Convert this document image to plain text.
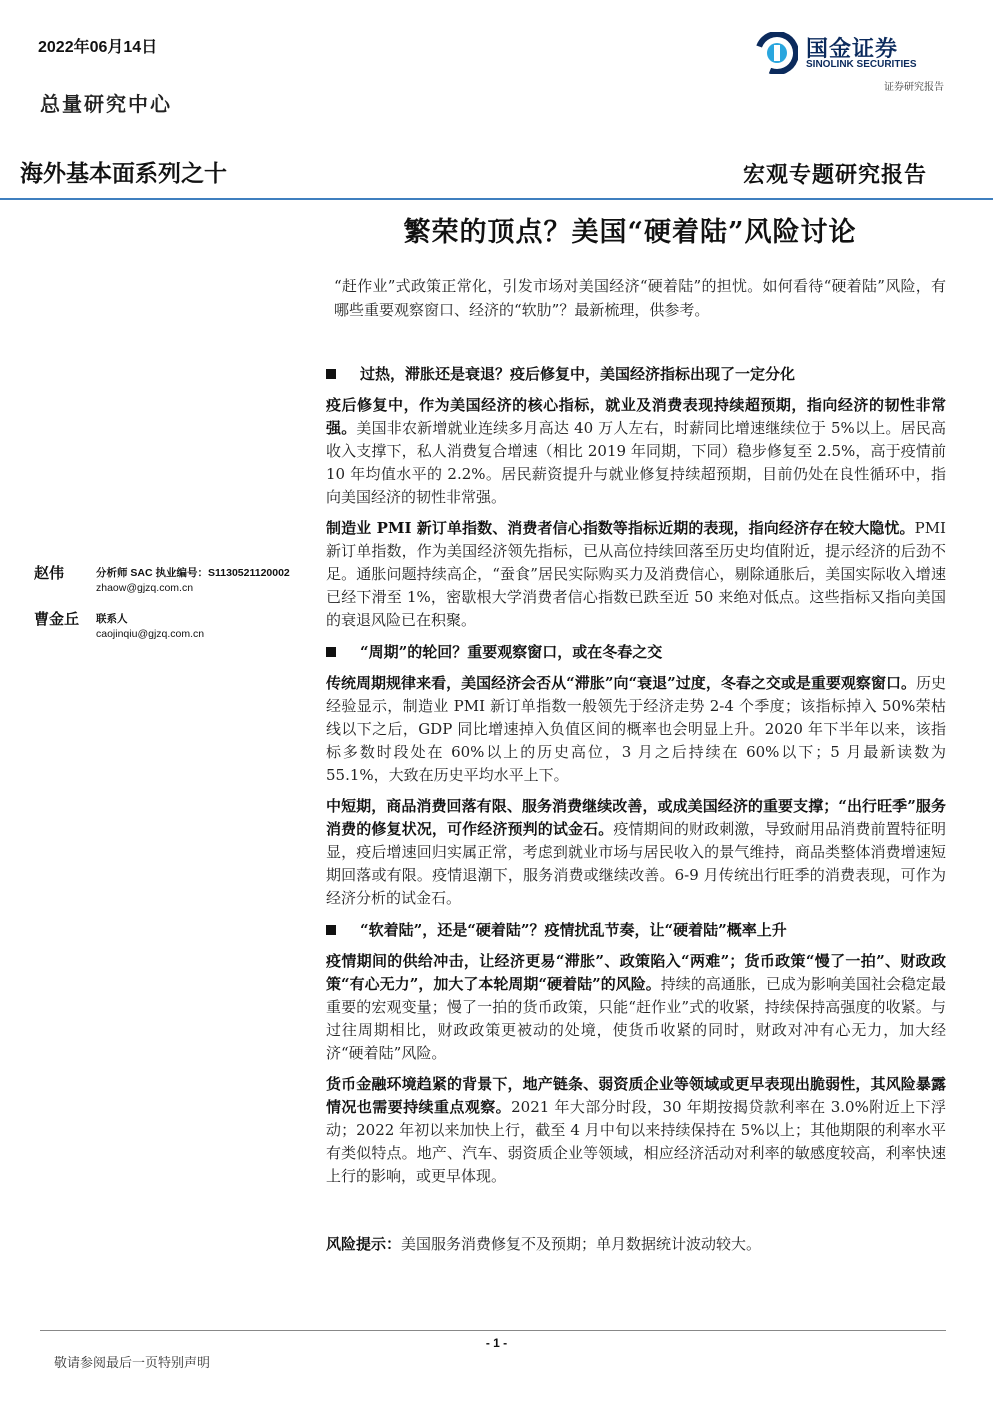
2022年06月14日
总量研究中心
国金证券
SINOLINK SECURITIES
证券研究报告
海外基本面系列之十	宏观专题研究报告
繁荣的顶点？美国“硬着陆”风险讨论

“赶作业”式政策正常化，引发市场对美国经济“硬着陆”的担忧。如何看待“硬着陆”风险，有哪些重要观察窗口、经济的“软肋”？最新梳理，供参考。

赵伟	分析师 SAC 执业编号：S1130521120002
zhaow@gjzq.com.cn
曹金丘 联系人
caojinqiu@gjzq.com.cn
过热，滞胀还是衰退？疫后修复中，美国经济指标出现了一定分化
疫后修复中，作为美国经济的核心指标，就业及消费表现持续超预期，指向经济的韧性非常强。美国非农新增就业连续多月高达 40 万人左右，时薪同比增速继续位于 5%以上。居民高收入支撑下，私人消费复合增速（相比 2019 年同期，下同）稳步修复至 2.5%，高于疫情前 10 年均值水平的 2.2%。居民薪资提升与就业修复持续超预期，目前仍处在良性循环中，指向美国经济的韧性非常强。
制造业 PMI 新订单指数、消费者信心指数等指标近期的表现，指向经济存在较大隐忧。PMI 新订单指数，作为美国经济领先指标，已从高位持续回落至历史均值附近，提示经济的后劲不足。通胀问题持续高企，“蚕食”居民实际购买力及消费信心，剔除通胀后，美国实际收入增速已经下滑至 1%，密歇根大学消费者信心指数已跌至近 50 来绝对低点。这些指标又指向美国的衰退风险已在积聚。
“周期”的轮回？重要观察窗口，或在冬春之交
传统周期规律来看，美国经济会否从“滞胀”向“衰退”过度，冬春之交或是重要观察窗口。历史经验显示，制造业 PMI 新订单指数一般领先于经济走势 2-4 个季度；该指标掉入 50%荣枯线以下之后，GDP 同比增速掉入负值区间的概率也会明显上升。2020 年下半年以来，该指标多数时段处在 60%以上的历史高位，3 月之后持续在 60%以下；5 月最新读数为 55.1%，大致在历史平均水平上下。
中短期，商品消费回落有限、服务消费继续改善，或成美国经济的重要支撑；“出行旺季”服务消费的修复状况，可作经济预判的试金石。疫情期间的财政刺激，导致耐用品消费前置特征明显，疫后增速回归实属正常，考虑到就业市场与居民收入的景气维持，商品类整体消费增速短期回落或有限。疫情退潮下，服务消费或继续改善。6-9 月传统出行旺季的消费表现，可作为经济分析的试金石。
“软着陆”，还是“硬着陆”？疫情扰乱节奏，让“硬着陆”概率上升
疫情期间的供给冲击，让经济更易“滞胀”、政策陷入“两难”；货币政策“慢了一拍”、财政政策“有心无力”，加大了本轮周期“硬着陆”的风险。持续的高通胀，已成为影响美国社会稳定最重要的宏观变量；慢了一拍的货币政策，只能“赶作业”式的收紧，持续保持高强度的收紧。与过往周期相比，财政政策更被动的处境，使货币收紧的同时，财政对冲有心无力，加大经济“硬着陆”风险。
货币金融环境趋紧的背景下，地产链条、弱资质企业等领域或更早表现出脆弱性，其风险暴露情况也需要持续重点观察。2021 年大部分时段，30 年期按揭贷款利率在 3.0%附近上下浮动；2022 年初以来加快上行，截至 4 月中旬以来持续保持在 5%以上；其他期限的利率水平有类似特点。地产、汽车、弱资质企业等领域，相应经济活动对利率的敏感度较高，利率快速上行的影响，或更早体现。
风险提示：美国服务消费修复不及预期；单月数据统计波动较大。
- 1 -
敬请参阅最后一页特别声明
